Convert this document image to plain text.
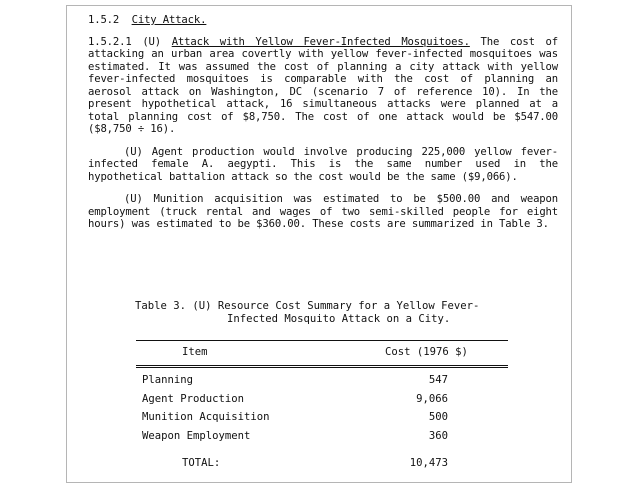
1.5.2 City Attack.
1.5.2.1 (U) Attack with Yellow Fever-Infected Mosquitoes. The cost of attacking an urban area covertly with yellow fever-infected mosquitoes was estimated. It was assumed the cost of planning a city attack with yellow fever-infected mosquitoes is comparable with the cost of planning an aerosol attack on Washington, DC (scenario 7 of reference 10). In the present hypothetical attack, 16 simultaneous attacks were planned at a total planning cost of $8,750. The cost of one attack would be $547.00 ($8,750 ÷ 16).
(U) Agent production would involve producing 225,000 yellow fever-infected female A. aegypti. This is the same number used in the hypothetical battalion attack so the cost would be the same ($9,066).
(U) Munition acquisition was estimated to be $500.00 and weapon employment (truck rental and wages of two semi-skilled people for eight hours) was estimated to be $360.00. These costs are summarized in Table 3.
Table 3. (U) Resource Cost Summary for a Yellow Fever-
Infected Mosquito Attack on a City.
Item	Cost (1976 $)
Planning	547
Agent Production	9,066
Munition Acquisition	500
Weapon Employment	360
TOTAL:	10,473
